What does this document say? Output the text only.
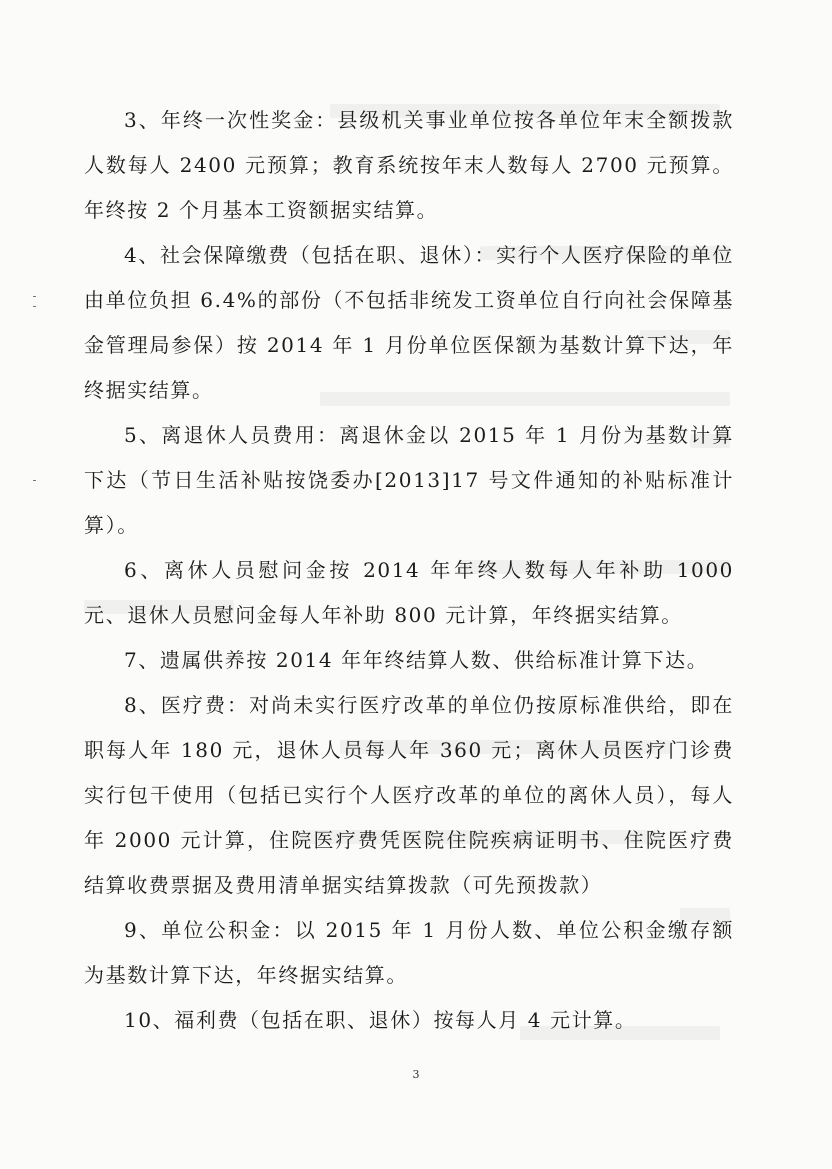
3、年终一次性奖金：县级机关事业单位按各单位年末全额拨款人数每人 2400 元预算；教育系统按年末人数每人 2700 元预算。年终按 2 个月基本工资额据实结算。

4、社会保障缴费（包括在职、退休）：实行个人医疗保险的单位由单位负担 6.4%的部份（不包括非统发工资单位自行向社会保障基金管理局参保）按 2014 年 1 月份单位医保额为基数计算下达，年终据实结算。

5、离退休人员费用：离退休金以 2015 年 1 月份为基数计算下达（节日生活补贴按饶委办[2013]17 号文件通知的补贴标准计算）。

6、离休人员慰问金按 2014 年年终人数每人年补助 1000 元、退休人员慰问金每人年补助 800 元计算，年终据实结算。

7、遗属供养按 2014 年年终结算人数、供给标准计算下达。

8、医疗费：对尚未实行医疗改革的单位仍按原标准供给，即在职每人年 180 元，退休人员每人年 360 元；离休人员医疗门诊费实行包干使用（包括已实行个人医疗改革的单位的离休人员），每人年 2000 元计算，住院医疗费凭医院住院疾病证明书、住院医疗费结算收费票据及费用清单据实结算拨款（可先预拨款）

9、单位公积金：以 2015 年 1 月份人数、单位公积金缴存额为基数计算下达，年终据实结算。

10、福利费（包括在职、退休）按每人月 4 元计算。

3
